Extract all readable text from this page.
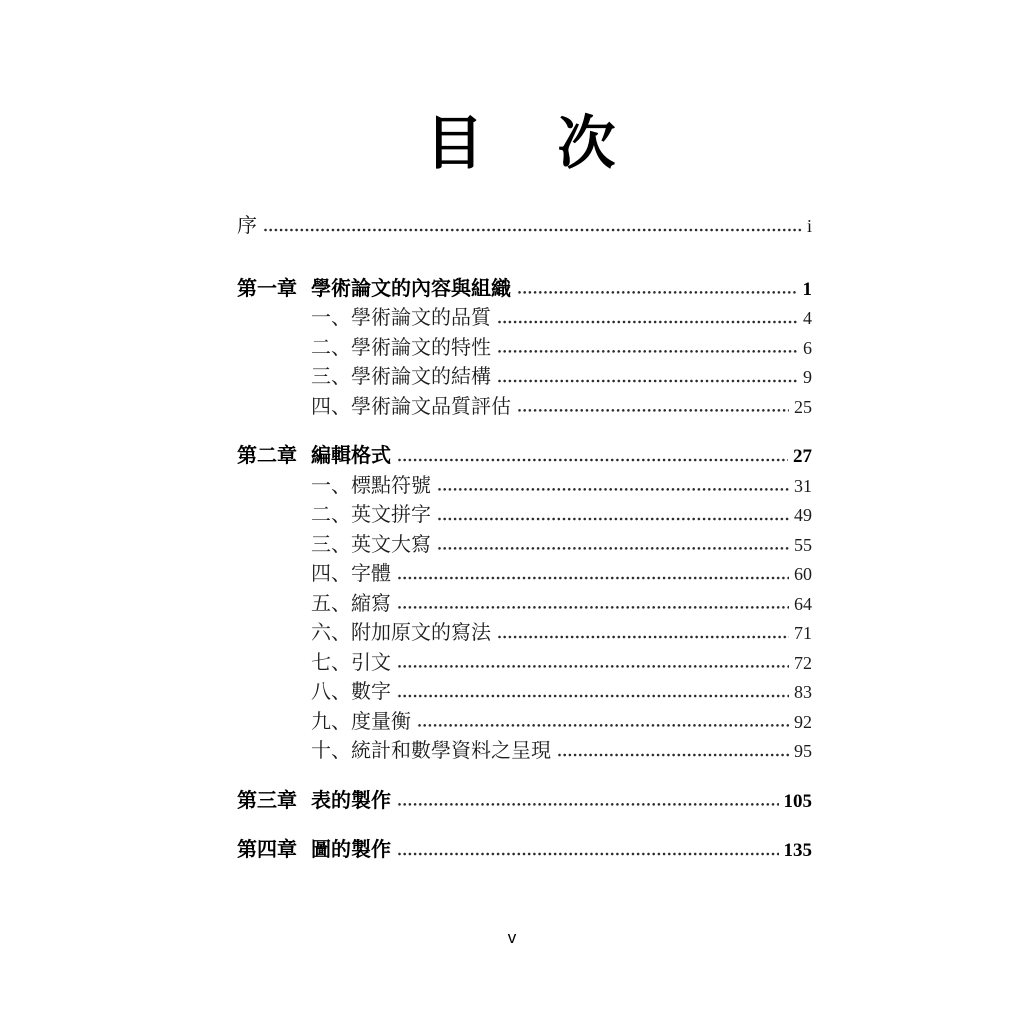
目　次
序	i
第一章 學術論文的內容與組織	1
一、學術論文的品質	4
二、學術論文的特性	6
三、學術論文的結構	9
四、學術論文品質評估	25
第二章 編輯格式	27
一、標點符號	31
二、英文拼字	49
三、英文大寫	55
四、字體	60
五、縮寫	64
六、附加原文的寫法	71
七、引文	72
八、數字	83
九、度量衡	92
十、統計和數學資料之呈現	95
第三章 表的製作	105
第四章 圖的製作	135
v
